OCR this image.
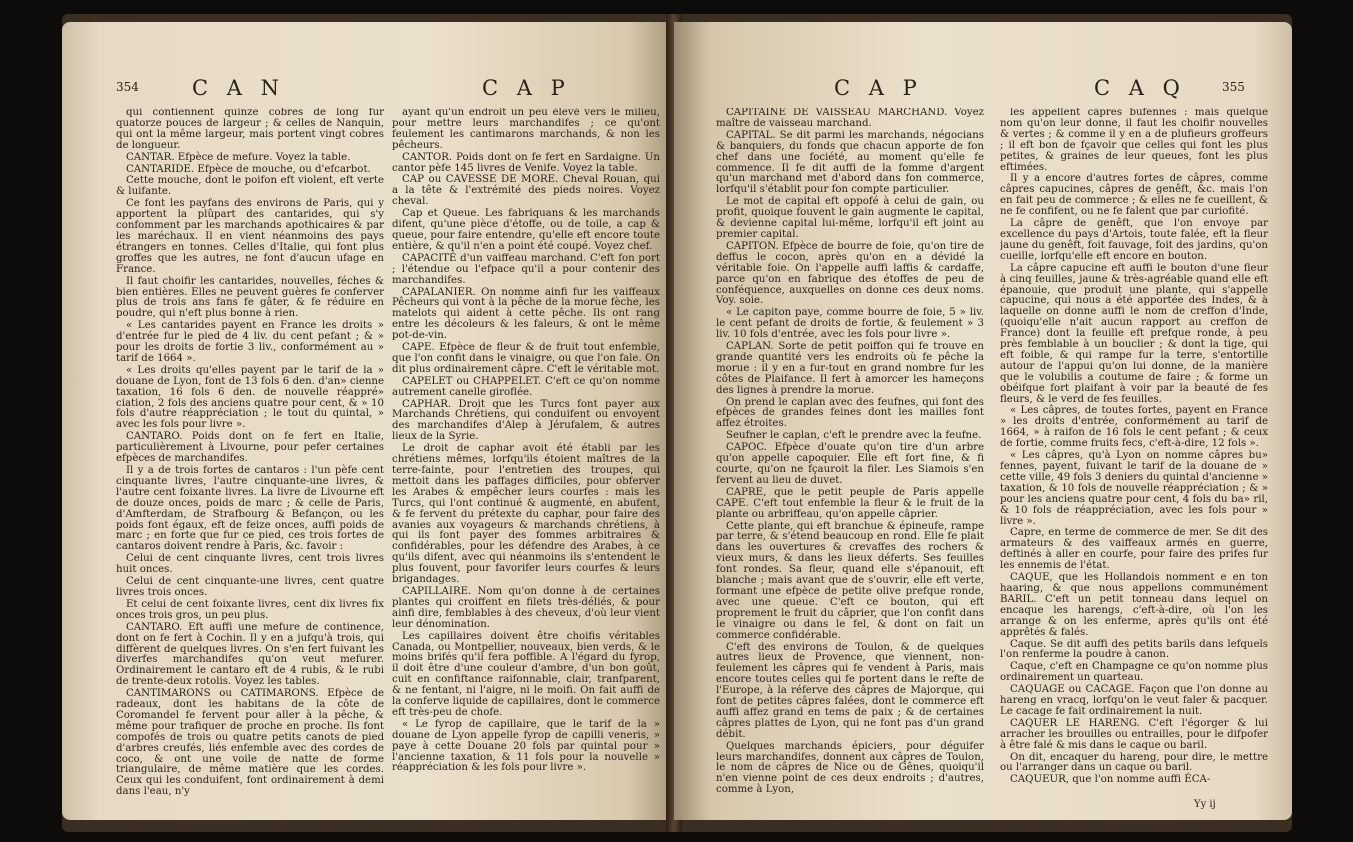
354	C A N	C A P

qui contiennent quinze cobres de long fur quatorze pouces de largeur ; & celles de Nanquin, qui ont la même largeur, mais portent vingt cobres de longueur.

CANTAR. Efpèce de mefure. Voyez la table.

CANTARIDE. Efpèce de mouche, ou d'efcarbot.

Cette mouche, dont le poifon eft violent, eft verte & luifante.

Ce font les payfans des environs de Paris, qui y apportent la plûpart des cantarides, qui s'y confomment par les marchands apothicaires & par les maréchaux. Il en vient néanmoins des pays étrangers en tonnes. Celles d'Italie, qui font plus groffes que les autres, ne font d'aucun ufage en France.

Il faut choifir les cantarides, nouvelles, féches & bien entières. Elles ne peuvent guères fe conferver plus de trois ans fans fe gâter, & fe réduire en poudre, qui n'eft plus bonne à rien.

« Les cantarides payent en France les droits » d'entrée fur le pied de 4 liv. du cent pefant ; & » pour les droits de fortie 3 liv., conformément au » tarif de 1664 ».

« Les droits qu'elles payent par le tarif de la » douane de Lyon, font de 13 fols 6 den. d'an» cienne taxation, 16 fols 6 den. de nouvelle réappré» ciation, 2 fols des anciens quatre pour cent, & » 10 fols d'autre réappréciation ; le tout du quintal, » avec les fols pour livre ».

CANTARO. Poids dont on fe fert en Italie, particulièrement à Livourne, pour pefer certaines efpèces de marchandifes.

Il y a de trois fortes de cantaros : l'un pèfe cent cinquante livres, l'autre cinquante-une livres, & l'autre cent foixante livres. La livre de Livourne eft de douze onces, poids de marc ; & celle de Paris, d'Amfterdam, de Strafbourg & Befançon, ou les poids font égaux, eft de feize onces, auffi poids de marc ; en forte que fur ce pied, ces trois fortes de cantaros doivent rendre à Paris, &c. favoir :

Celui de cent cinquante livres, cent trois livres huit onces.

Celui de cent cinquante-une livres, cent quatre livres trois onces.

Et celui de cent foixante livres, cent dix livres fix onces trois gros, un peu plus.

CANTARO. Eft auffi une mefure de continence, dont on fe fert à Cochin. Il y en a jufqu'à trois, qui diffèrent de quelques livres. On s'en fert fuivant les diverfes marchandifes qu'on veut mefurer. Ordinairement le cantaro eft de 4 rubis, & le rubi de trente-deux rotolis. Voyez les tables.

CANTIMARONS ou CATIMARONS. Efpèce de radeaux, dont les habitans de la côte de Coromandel fe fervent pour aller à la pêche, & même pour trafiquer de proche en proche. Ils font compofés de trois ou quatre petits canots de pied d'arbres creufés, liés enfemble avec des cordes de coco, & ont une voile de natte de forme triangulaire, de même matière que les cordes. Ceux qui les conduifent, font ordinairement à demi dans l'eau, n'y

ayant qu'un endroit un peu élevé vers le milieu, pour mettre leurs marchandifes ; ce qu'ont feulement les cantimarons marchands, & non les pêcheurs.

CANTOR. Poids dont on fe fert en Sardaigne. Un cantor pèfe 145 livres de Venife. Voyez la table.

CAP ou CAVESSE DE MORE. Cheval Rouan, qui a la tête & l'extrémité des pieds noires. Voyez cheval.

Cap et Queue. Les fabriquans & les marchands difent, qu'une pièce d'étoffe, ou de toile, a cap & queue, pour faire entendre, qu'elle eft encore toute entière, & qu'il n'en a point été coupé. Voyez chef.

CAPACITÉ d'un vaiffeau marchand. C'eft fon port ; l'étendue ou l'efpace qu'il a pour contenir des marchandifes.

CAPALANIER. On nomme ainfi fur les vaiffeaux Pêcheurs qui vont à la pêche de la morue fèche, les matelots qui aident à cette pêche. Ils ont rang entre les décoleurs & les faleurs, & ont le même pot-de-vin.

CAPE. Efpèce de fleur & de fruit tout enfemble, que l'on confit dans le vinaigre, ou que l'on fale. On dit plus ordinairement câpre. C'eft le véritable mot.

CAPELET ou CHAPPELET. C'eft ce qu'on nomme autrement canelle giroflée.

CAPHAR. Droit que les Turcs font payer aux Marchands Chrétiens, qui conduifent ou envoyent des marchandifes d'Alep à Jérufalem, & autres lieux de la Syrie.

Le droit de caphar avoit été établi par les chrétiens mêmes, lorfqu'ils étoient maîtres de la terre-fainte, pour l'entretien des troupes, qui mettoit dans les paffages difficiles, pour obferver les Arabes & empêcher leurs courfes : mais les Turcs, qui l'ont continué & augmenté, en abufent, & fe fervent du prétexte du caphar, pour faire des avanies aux voyageurs & marchands chrétiens, à qui ils font payer des fommes arbitraires & confidérables, pour les défendre des Arabes, à ce qu'ils difent, avec qui néanmoins ils s'entendent le plus fouvent, pour favorifer leurs courfes & leurs brigandages.

CAPILLAIRE. Nom qu'on donne à de certaines plantes qui croiffent en filets très-déliés, & pour ainfi dire, femblables à des cheveux, d'où leur vient leur dénomination.

Les capillaires doivent être choifis véritables Canada, ou Montpellier, nouveaux, bien verds, & le moins brifés qu'il fera poffible. A l'égard du fyrop, il doit être d'une couleur d'ambre, d'un bon goût, cuit en confiftance raifonnable, clair, tranfparent, & ne fentant, ni l'aigre, ni le moifi. On fait auffi de la conferve liquide de capillaires, dont le commerce eft très-peu de chofe.

« Le fyrop de capillaire, que le tarif de la » douane de Lyon appelle fyrop de capilli veneris, » paye à cette Douane 20 fols par quintal pour » l'ancienne taxation, & 11 fols pour la nouvelle » réappréciation & les fols pour livre ».

C A P	C A Q	355

CAPITAINE DE VAISSEAU MARCHAND. Voyez maître de vaisseau marchand.

CAPITAL. Se dit parmi les marchands, négocians & banquiers, du fonds que chacun apporte de fon chef dans une fociété, au moment qu'elle fe commence. Il fe dit auffi de la fomme d'argent qu'un marchand met d'abord dans fon commerce, lorfqu'il s'établit pour fon compte particulier.

Le mot de capital eft oppofé à celui de gain, ou profit, quoique fouvent le gain augmente le capital, & devienne capital lui-même, lorfqu'il eft joint au premier capital.

CAPITON. Efpèce de bourre de foie, qu'on tire de deffus le cocon, après qu'on en a dévidé la véritable foie. On l'appelle auffi laffis & cardaffe, parce qu'on en fabrique des étoffes de peu de conféquence, auxquelles on donne ces deux noms. Voy. soie.

« Le capiton paye, comme bourre de foie, 5 » liv. le cent pefant de droits de fortie, & feulement » 3 liv. 10 fols d'entrée, avec les fols pour livre ».

CAPLAN. Sorte de petit poiffon qui fe trouve en grande quantité vers les endroits où fe pêche la morue : il y en a fur-tout en grand nombre fur les côtes de Plaifance. Il fert à amorcer les hameçons des lignes à prendre la morue.

On prend le caplan avec des feufnes, qui font des efpèces de grandes feines dont les mailles font affez étroites.

Seufner le caplan, c'eft le prendre avec la feufne.

CAPOC. Efpèce d'ouate qu'on tire d'un arbre qu'on appelle capoquier. Elle eft fort fine, & fi courte, qu'on ne fçauroit la filer. Les Siamois s'en fervent au lieu de duvet.

CAPRE, que le petit peuple de Paris appelle CAPE. C'eft tout enfemble la fleur & le fruit de la plante ou arbriffeau, qu'on appelle câprier.

Cette plante, qui eft branchue & épineufe, rampe par terre, & s'étend beaucoup en rond. Elle fe plait dans les ouvertures & crevaffes des rochers & vieux murs, & dans les lieux déferts. Ses feuilles font rondes. Sa fleur, quand elle s'épanouit, eft blanche ; mais avant que de s'ouvrir, elle eft verte, formant une efpèce de petite olive prefque ronde, avec une queue. C'eft ce bouton, qui eft proprement le fruit du câprier, que l'on confit dans le vinaigre ou dans le fel, & dont on fait un commerce confidérable.

C'eft des environs de Toulon, & de quelques autres lieux de Provence, que viennent, non-feulement les câpres qui fe vendent à Paris, mais encore toutes celles qui fe portent dans le refte de l'Europe, à la réferve des câpres de Majorque, qui font de petites câpres falées, dont le commerce eft auffi affez grand en tems de paix ; & de certaines câpres plattes de Lyon, qui ne font pas d'un grand débit.

Quelques marchands épiciers, pour déguifer leurs marchandifes, donnent aux câpres de Toulon, le nom de câpres de Nice ou de Gênes, quoiqu'il n'en vienne point de ces deux endroits ; d'autres, comme à Lyon,

les appellent câpres bufennes : mais quelque nom qu'on leur donne, il faut les choifir nouvelles & vertes ; & comme il y en a de plufieurs groffeurs ; il eft bon de fçavoir que celles qui font les plus petites, & graines de leur queues, font les plus eftimées.

Il y a encore d'autres fortes de câpres, comme câpres capucines, câpres de genêft, &c. mais l'on en fait peu de commerce ; & elles ne fe cueillent, & ne fe confifent, ou ne fe falent que par curiofité.

La câpre de genêft, que l'on envoye par excellence du pays d'Artois, toute falée, eft la fleur jaune du genêft, foit fauvage, foit des jardins, qu'on cueille, lorfqu'elle eft encore en bouton.

La câpre capucine eft auffi le bouton d'une fleur à cinq feuilles, jaune & très-agréable quand elle eft épanouie, que produit une plante, qui s'appelle capucine, qui nous a été apportée des Indes, & à laquelle on donne auffi le nom de creffon d'Inde, (quoiqu'elle n'ait aucun rapport au creffon de France) dont la feuille eft prefque ronde, à peu près femblable à un bouclier ; & dont la tige, qui eft foible, & qui rampe fur la terre, s'entortille autour de l'appui qu'on lui donne, de la manière que le volubilis a coutume de faire ; & forme un obéifque fort plaifant à voir par la beauté de fes fleurs, & le verd de fes feuilles.

« Les câpres, de toutes fortes, payent en France » les droits d'entrée, conformément au tarif de 1664, » à raifon de 16 fols le cent pefant ; & ceux de fortie, comme fruits fecs, c'eft-à-dire, 12 fols ».

« Les câpres, qu'à Lyon on nomme câpres bu» fennes, payent, fuivant le tarif de la douane de » cette ville, 49 fols 3 deniers du quintal d'ancienne » taxation, & 10 fols de nouvelle réappréciation ; & » pour les anciens quatre pour cent, 4 fols du ba» ril, & 10 fols de réappréciation, avec les fols pour » livre ».

Capre, en terme de commerce de mer. Se dit des armateurs & des vaiffeaux armés en guerre, deftinés à aller en courfe, pour faire des prifes fur les ennemis de l'état.

CAQUE, que les Hollandois nomment e en ton haaring, & que nous appellons communément BARIL. C'eft un petit tonneau dans lequel on encaque les harengs, c'eft-à-dire, où l'on les arrange & on les enferme, après qu'ils ont été apprêtés & falés.

Caque. Se dit auffi des petits barils dans lefquels l'on renferme la poudre à canon.

Caque, c'eft en Champagne ce qu'on nomme plus ordinairement un quarteau.

CAQUAGE ou CACAGE. Façon que l'on donne au hareng en vracq, lorfqu'on le veut faler & pacquer. Le cacage fe fait ordinairement la nuit.

CAQUER LE HARENG. C'eft l'égorger & lui arracher les brouilles ou entrailles, pour le difpofer à être falé & mis dans le caque ou baril.

On dit, encaquer du hareng, pour dire, le mettre ou l'arranger dans un caque ou baril.

CAQUEUR, que l'on nomme auffi ÉCA-

Yy ij
